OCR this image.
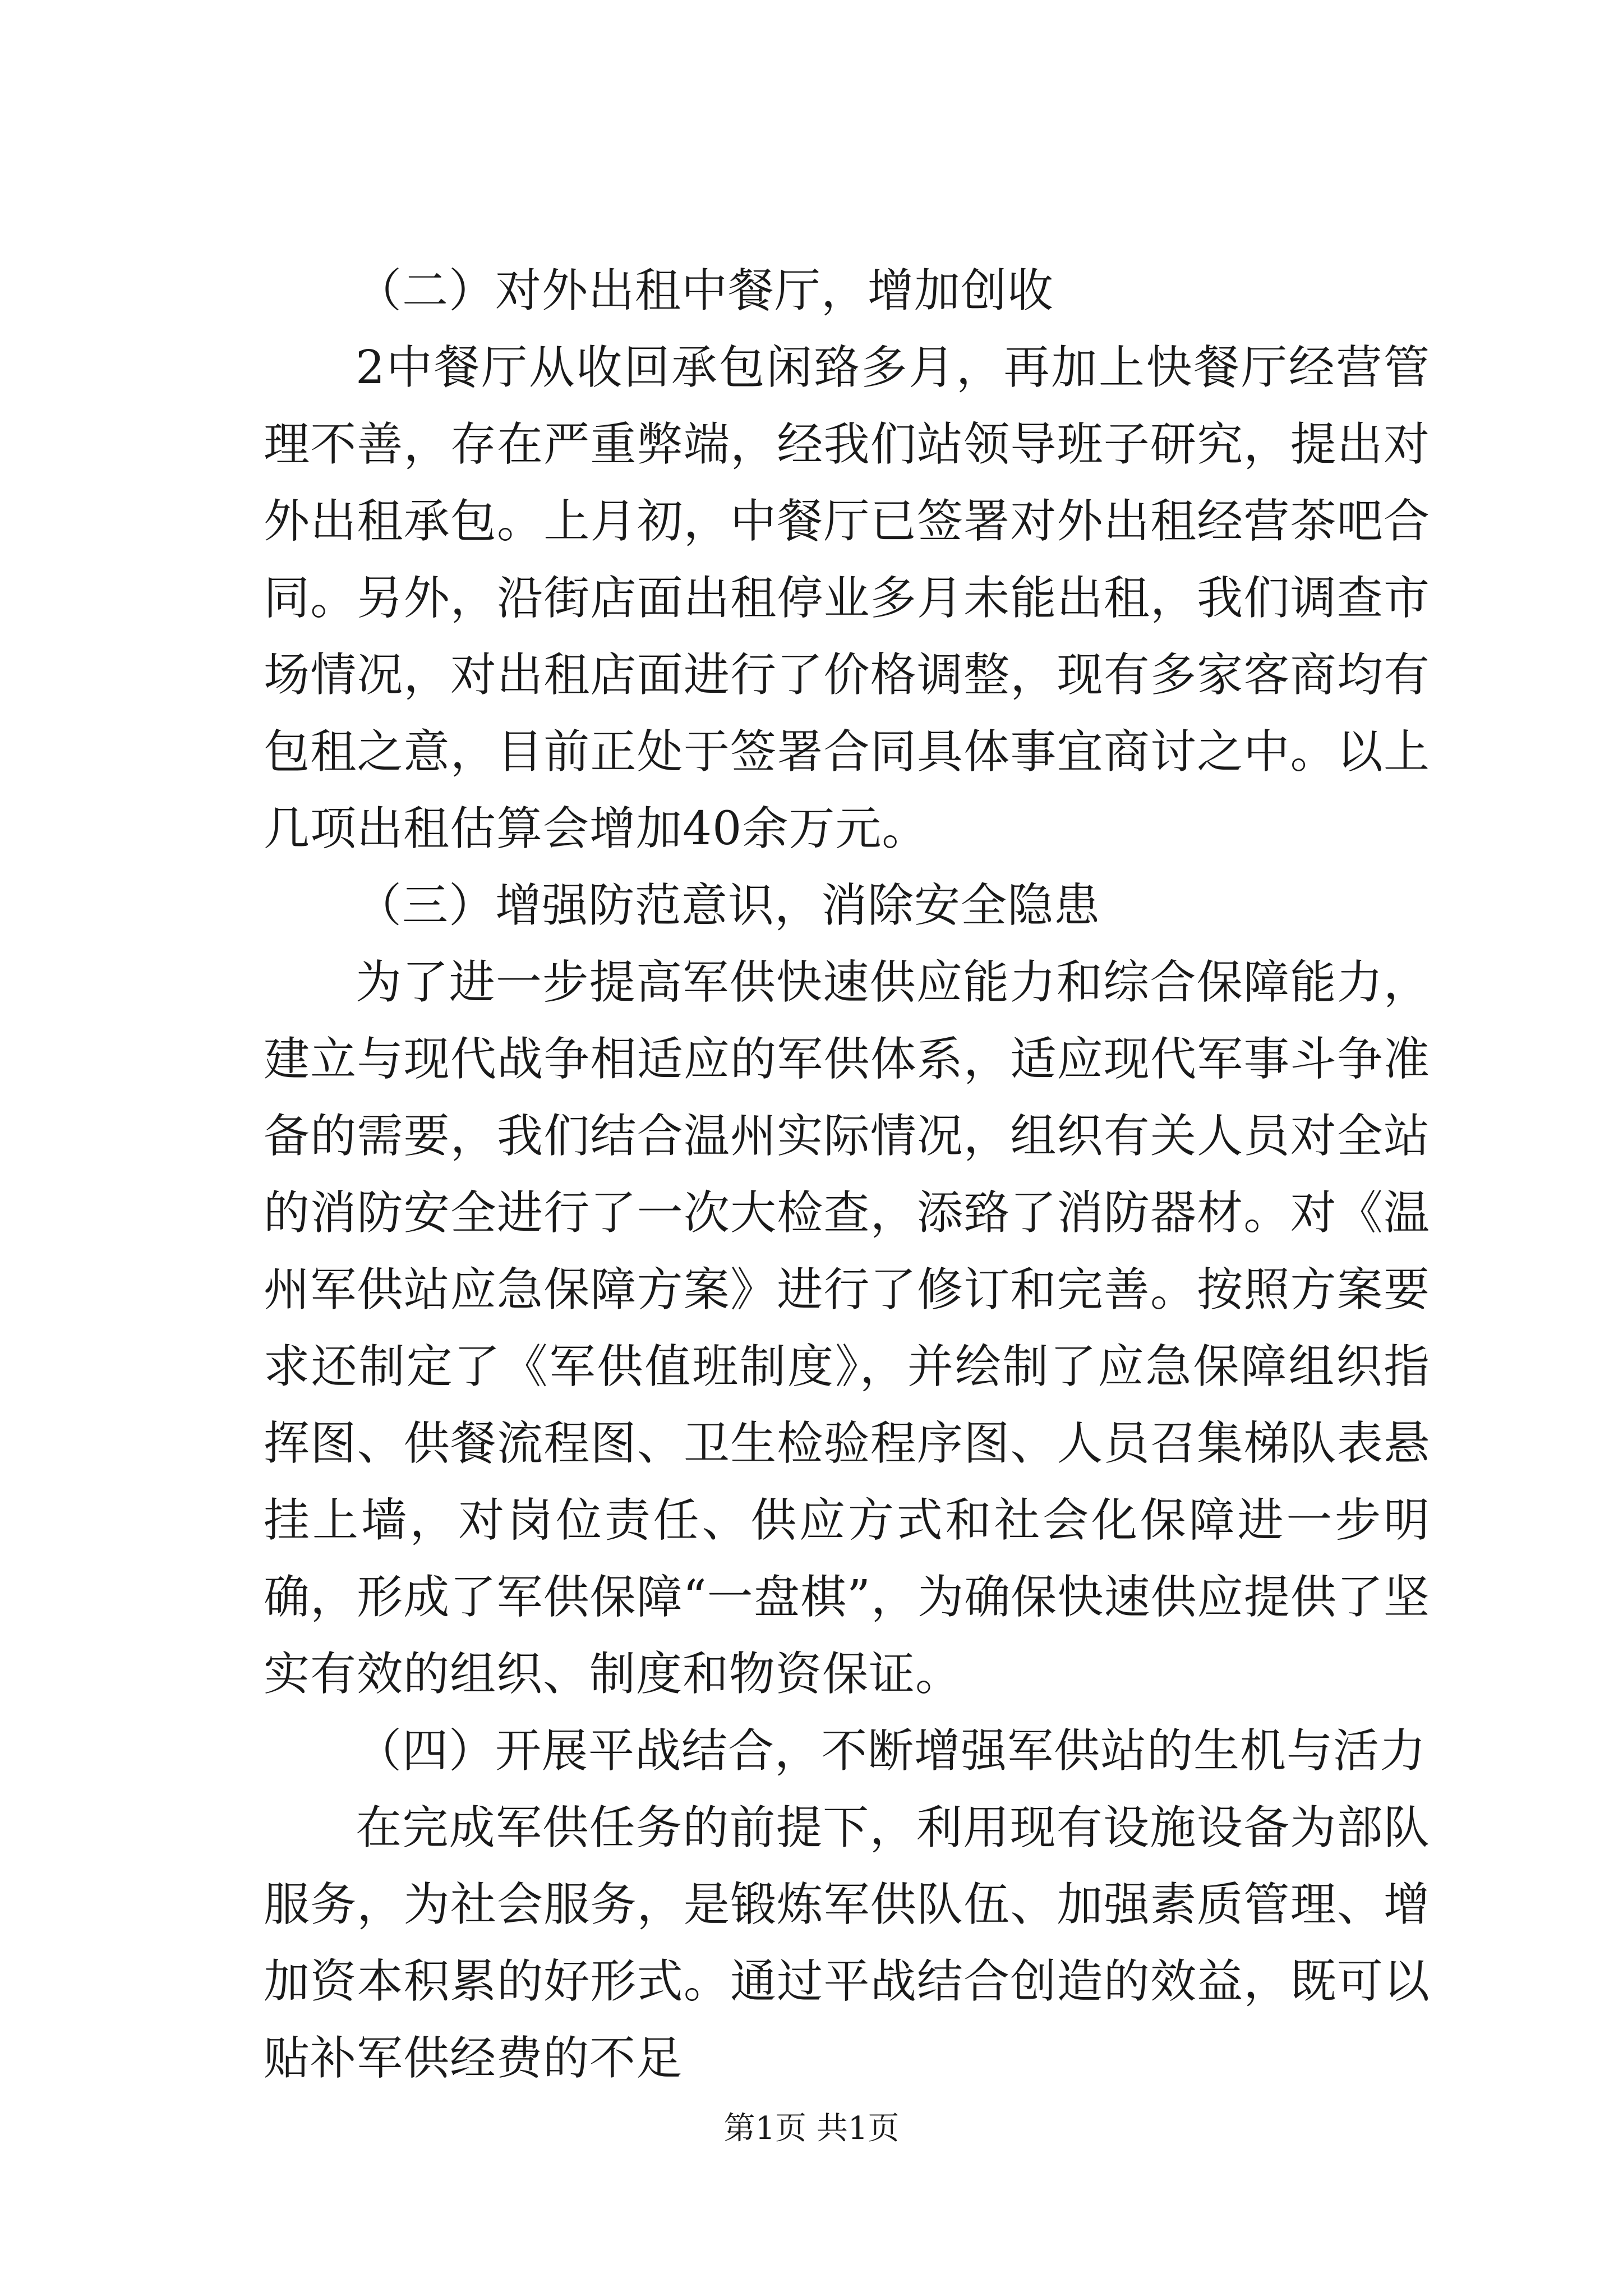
（二）对外出租中餐厅，增加创收

2中餐厅从收回承包闲臵多月，再加上快餐厅经营管理不善，存在严重弊端，经我们站领导班子研究，提出对外出租承包。上月初，中餐厅已签署对外出租经营茶吧合同。另外，沿街店面出租停业多月未能出租，我们调查市场情况，对出租店面进行了价格调整，现有多家客商均有包租之意，目前正处于签署合同具体事宜商讨之中。以上几项出租估算会增加40余万元。

（三）增强防范意识，消除安全隐患

为了进一步提高军供快速供应能力和综合保障能力，建立与现代战争相适应的军供体系，适应现代军事斗争准备的需要，我们结合温州实际情况，组织有关人员对全站的消防安全进行了一次大检查，添臵了消防器材。对《温州军供站应急保障方案》进行了修订和完善。按照方案要求还制定了《军供值班制度》，并绘制了应急保障组织指挥图、供餐流程图、卫生检验程序图、人员召集梯队表悬挂上墙，对岗位责任、供应方式和社会化保障进一步明确，形成了军供保障“一盘棋”，为确保快速供应提供了坚实有效的组织、制度和物资保证。

（四）开展平战结合，不断增强军供站的生机与活力

在完成军供任务的前提下，利用现有设施设备为部队服务，为社会服务，是锻炼军供队伍、加强素质管理、增加资本积累的好形式。通过平战结合创造的效益，既可以贴补军供经费的不足

第1页 共1页
